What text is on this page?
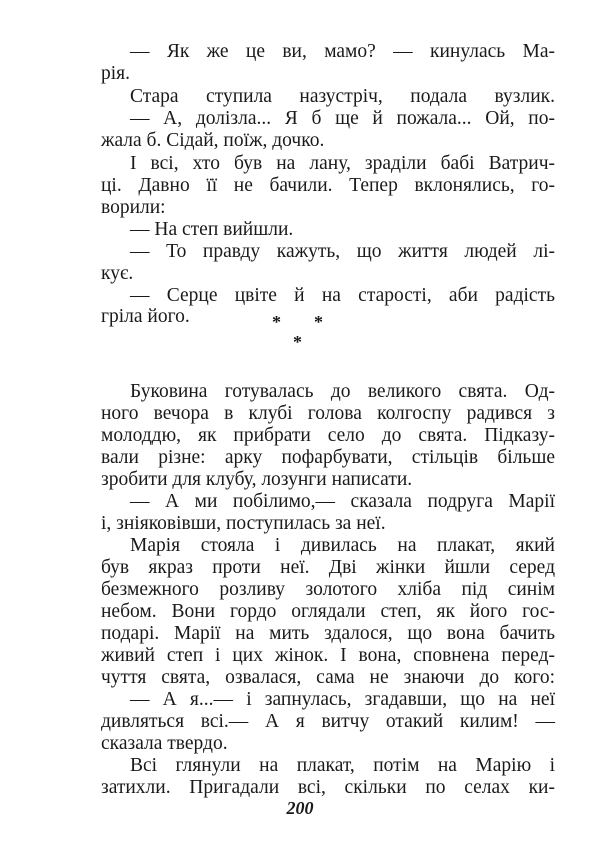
— Як же це ви, мамо? — кинулась Ма-
рія.
Стара ступила назустріч, подала вузлик.
— А, долізла... Я б ще й пожала... Ой, по-
жала б. Сідай, поїж, дочко.
І всі, хто був на лану, зраділи бабі Ватрич-
ці. Давно її не бачили. Тепер вклонялись, го-
ворили:
— На степ вийшли.
— То правду кажуть, що життя людей лі-
кує.
— Серце цвіте й на старості, аби радість
гріла його.
Буковина готувалась до великого свята. Од-
ного вечора в клубі голова колгоспу радився з
молоддю, як прибрати село до свята. Підказу-
вали різне: арку пофарбувати, стільців більше
зробити для клубу, лозунги написати.
— А ми побілимо,— сказала подруга Марії
і, зніяковівши, поступилась за неї.
Марія стояла і дивилась на плакат, який
був якраз проти неї. Дві жінки йшли серед
безмежного розливу золотого хліба під синім
небом. Вони гордо оглядали степ, як його гос-
подарі. Марії на мить здалося, що вона бачить
живий степ і цих жінок. І вона, сповнена перед-
чуття свята, озвалася, сама не знаючи до кого:
— А я...— і запнулась, згадавши, що на неї
дивляться всі.— А я витчу отакий килим! —
сказала твердо.
Всі глянули на плакат, потім на Марію і
затихли. Пригадали всі, скільки по селах ки-
* *
*
200
